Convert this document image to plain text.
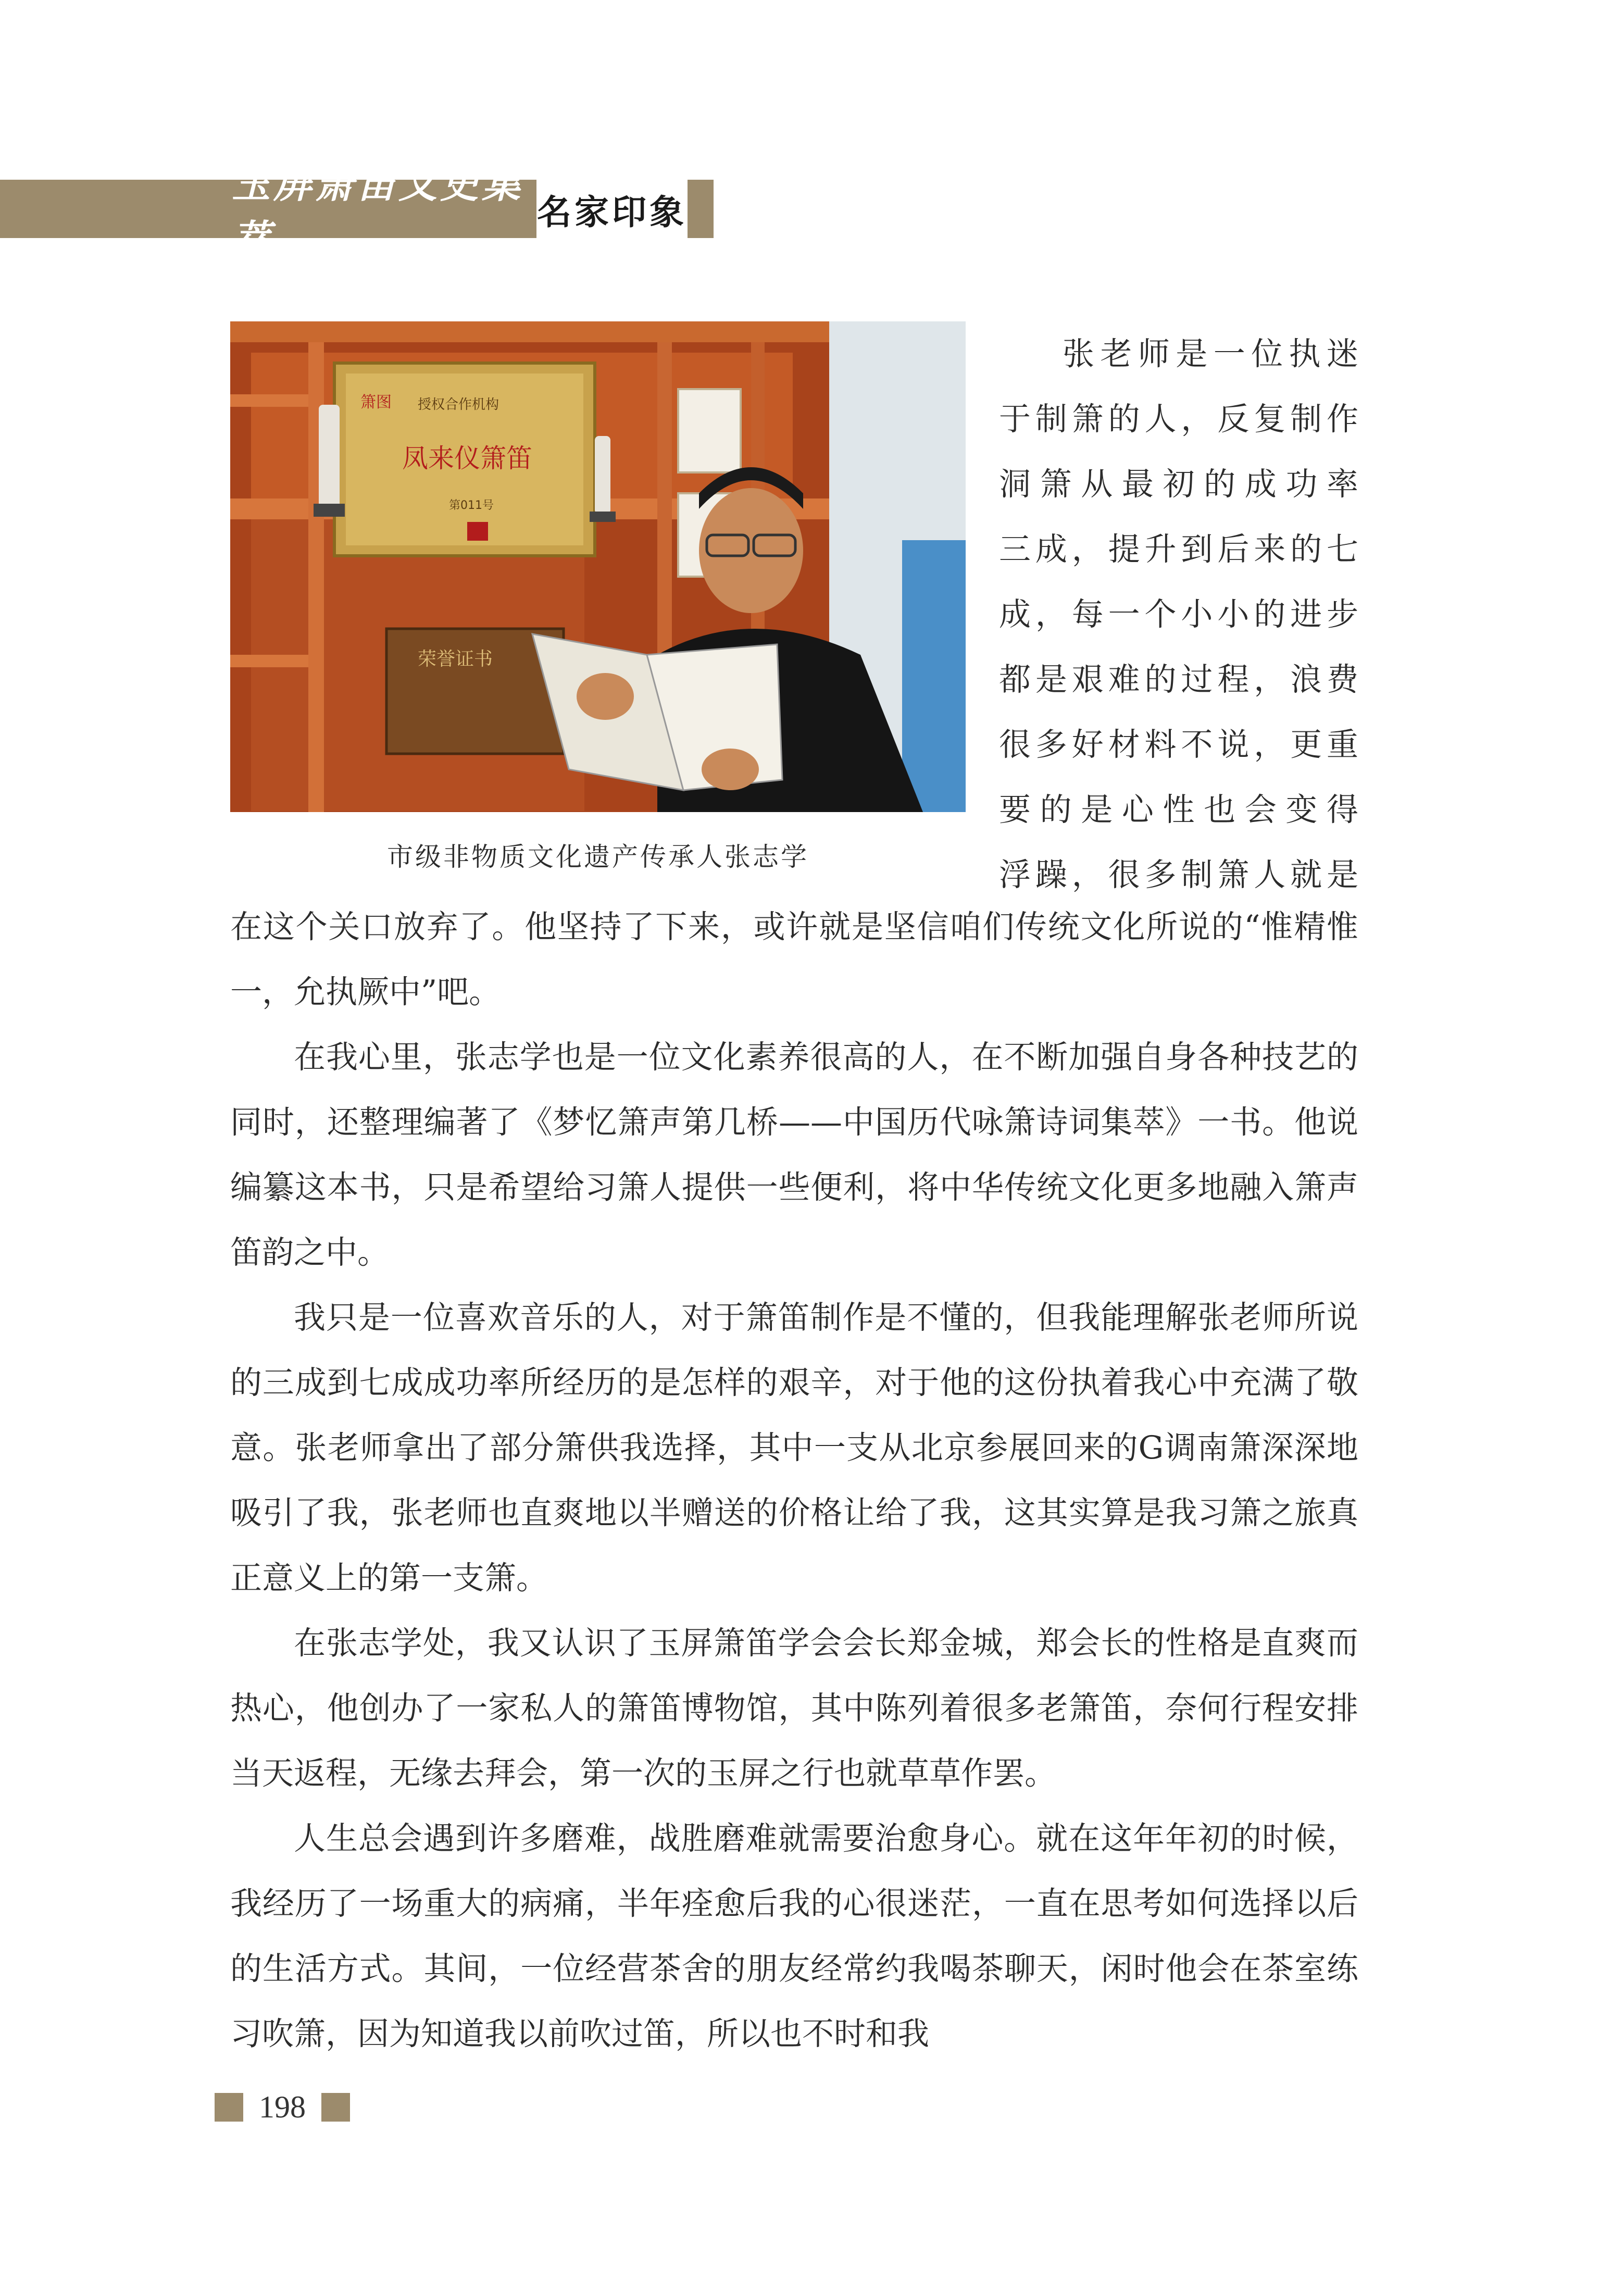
玉屏箫笛文史集萃
名家印象
箫图 授权合作机构
凤来仪箫笛
第011号
荣誉证书
市级非物质文化遗产传承人张志学
张老师是一位执迷
于制箫的人，反复制作
洞箫从最初的成功率
三成，提升到后来的七
成，每一个小小的进步
都是艰难的过程，浪费
很多好材料不说，更重
要的是心性也会变得
浮躁，很多制箫人就是

在这个关口放弃了。他坚持了下来，或许就是坚信咱们传统文化所说的“惟精惟一，允执厥中”吧。

在我心里，张志学也是一位文化素养很高的人，在不断加强自身各种技艺的同时，还整理编著了《梦忆箫声第几桥——中国历代咏箫诗词集萃》一书。他说编纂这本书，只是希望给习箫人提供一些便利，将中华传统文化更多地融入箫声笛韵之中。

我只是一位喜欢音乐的人，对于箫笛制作是不懂的，但我能理解张老师所说的三成到七成成功率所经历的是怎样的艰辛，对于他的这份执着我心中充满了敬意。张老师拿出了部分箫供我选择，其中一支从北京参展回来的G调南箫深深地吸引了我，张老师也直爽地以半赠送的价格让给了我，这其实算是我习箫之旅真正意义上的第一支箫。

在张志学处，我又认识了玉屏箫笛学会会长郑金城，郑会长的性格是直爽而热心，他创办了一家私人的箫笛博物馆，其中陈列着很多老箫笛，奈何行程安排当天返程，无缘去拜会，第一次的玉屏之行也就草草作罢。

人生总会遇到许多磨难，战胜磨难就需要治愈身心。就在这年年初的时候，我经历了一场重大的病痛，半年痊愈后我的心很迷茫，一直在思考如何选择以后的生活方式。其间，一位经营茶舍的朋友经常约我喝茶聊天，闲时他会在茶室练习吹箫，因为知道我以前吹过笛，所以也不时和我

198
